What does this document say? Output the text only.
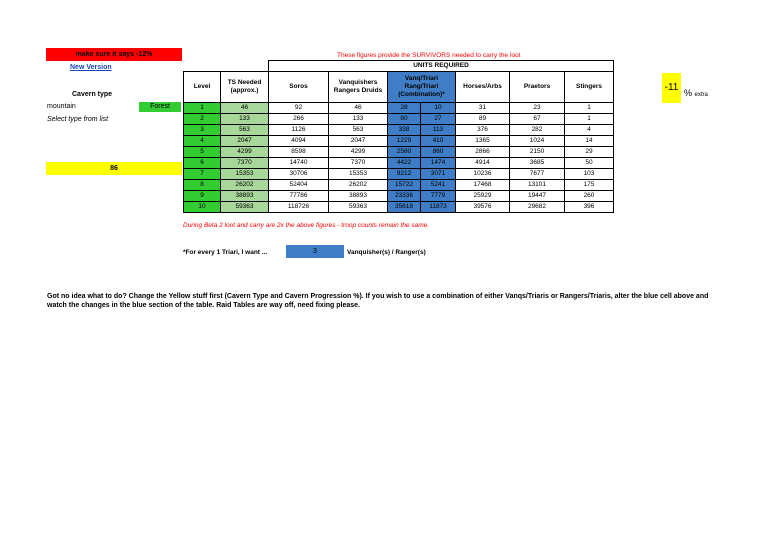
make sure it says -12%
New Version
These figures provide the SURVIVORS needed to carry the loot
Cavern type
mountain	Forest
Select type from list
86
-11 % extra
		UNITS REQUIRED						
Level	TS Needed (approx.)	Soros	Vanquishers Rangers Druids	Vanq/Triari Rang/Triari (Combination)*		Horses/Arbs	Praetors	Stingers
1	46	92	46	28	10	31	23	1
2	133	266	133	80	27	89	67	1
3	563	1126	563	338	113	376	282	4
4	2047	4094	2047	1229	410	1365	1024	14
5	4299	8598	4299	2580	860	2866	2150	29
6	7370	14740	7370	4422	1474	4914	3685	50
7	15353	30706	15353	9212	3071	10236	7677	103
8	26202	52404	26202	15722	5241	17468	13101	175
9	38893	77786	38893	23336	7779	25929	19447	260
10	59363	118726	59363	35618	11873	39576	29682	396
During Beta 2 loot and carry are 2x the above figures - troop counts remain the same.
*For every 1 Triari, I want ...	3	Vanquisher(s) / Ranger(s)
Got no idea what to do? Change the Yellow stuff first (Cavern Type and Cavern Progression %). If you wish to use a combination of either Vanqs/Triaris or Rangers/Triaris, alter the blue cell above and watch the changes in the blue section of the table. Raid Tables are way off, need fixing please.
